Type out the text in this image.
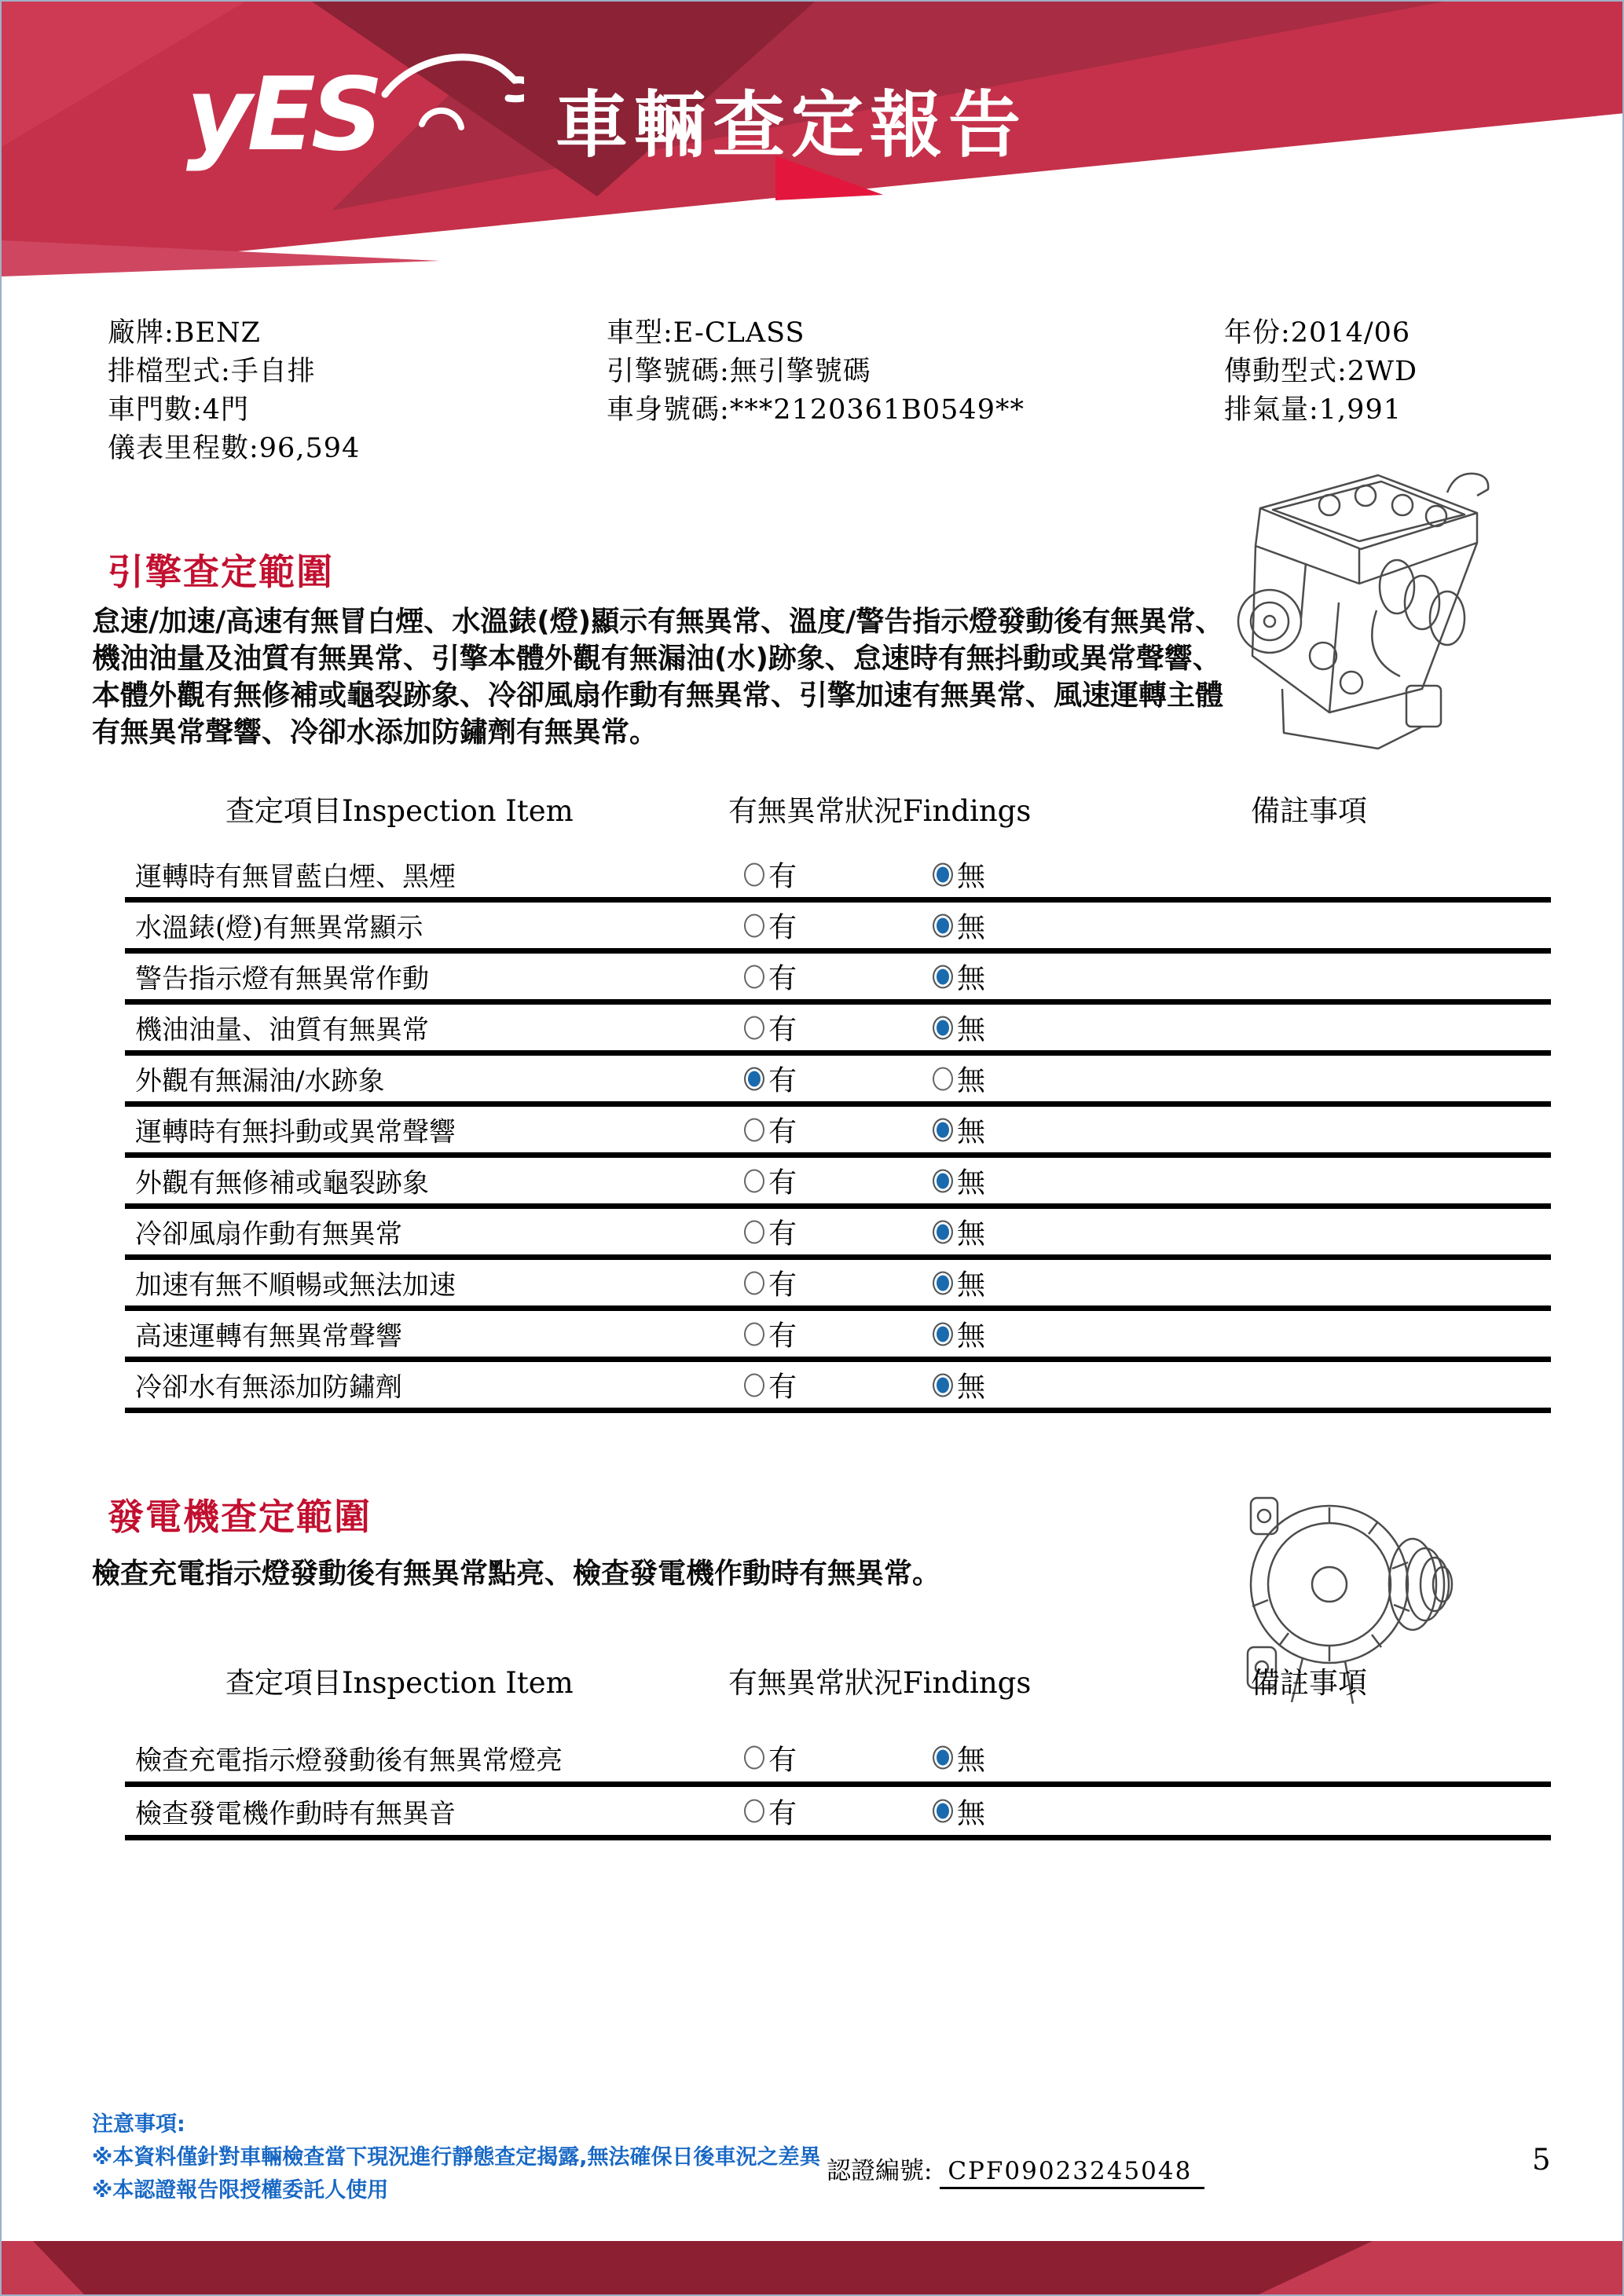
yES 車輛查定報告
廠牌:BENZ
排檔型式:手自排
車門數:4門
儀表里程數:96,594
車型:E-CLASS
引擎號碼:無引擎號碼
車身號碼:***2120361B0549**
年份:2014/06
傳動型式:2WD
排氣量:1,991
引擎查定範圍
怠速/加速/高速有無冒白煙、水溫錶(燈)顯示有無異常、溫度/警告指示燈發動後有無異常、
機油油量及油質有無異常、引擎本體外觀有無漏油(水)跡象、怠速時有無抖動或異常聲響、
本體外觀有無修補或龜裂跡象、冷卻風扇作動有無異常、引擎加速有無異常、風速運轉主體
有無異常聲響、冷卻水添加防鏽劑有無異常。
查定項目Inspection Item	有無異常狀況Findings	備註事項
運轉時有無冒藍白煙、黑煙	有	無
水溫錶(燈)有無異常顯示	有	無
警告指示燈有無異常作動	有	無
機油油量、油質有無異常	有	無
外觀有無漏油/水跡象	有	無
運轉時有無抖動或異常聲響	有	無
外觀有無修補或龜裂跡象	有	無
冷卻風扇作動有無異常	有	無
加速有無不順暢或無法加速	有	無
高速運轉有無異常聲響	有	無
冷卻水有無添加防鏽劑	有	無
發電機查定範圍
檢查充電指示燈發動後有無異常點亮、檢查發電機作動時有無異常。
查定項目Inspection Item	有無異常狀況Findings	備註事項
檢查充電指示燈發動後有無異常燈亮	有	無
檢查發電機作動時有無異音	有	無
注意事項:
※本資料僅針對車輛檢查當下現況進行靜態查定揭露,無法確保日後車況之差異
※本認證報告限授權委託人使用
認證編號: CPF09023245048	5
